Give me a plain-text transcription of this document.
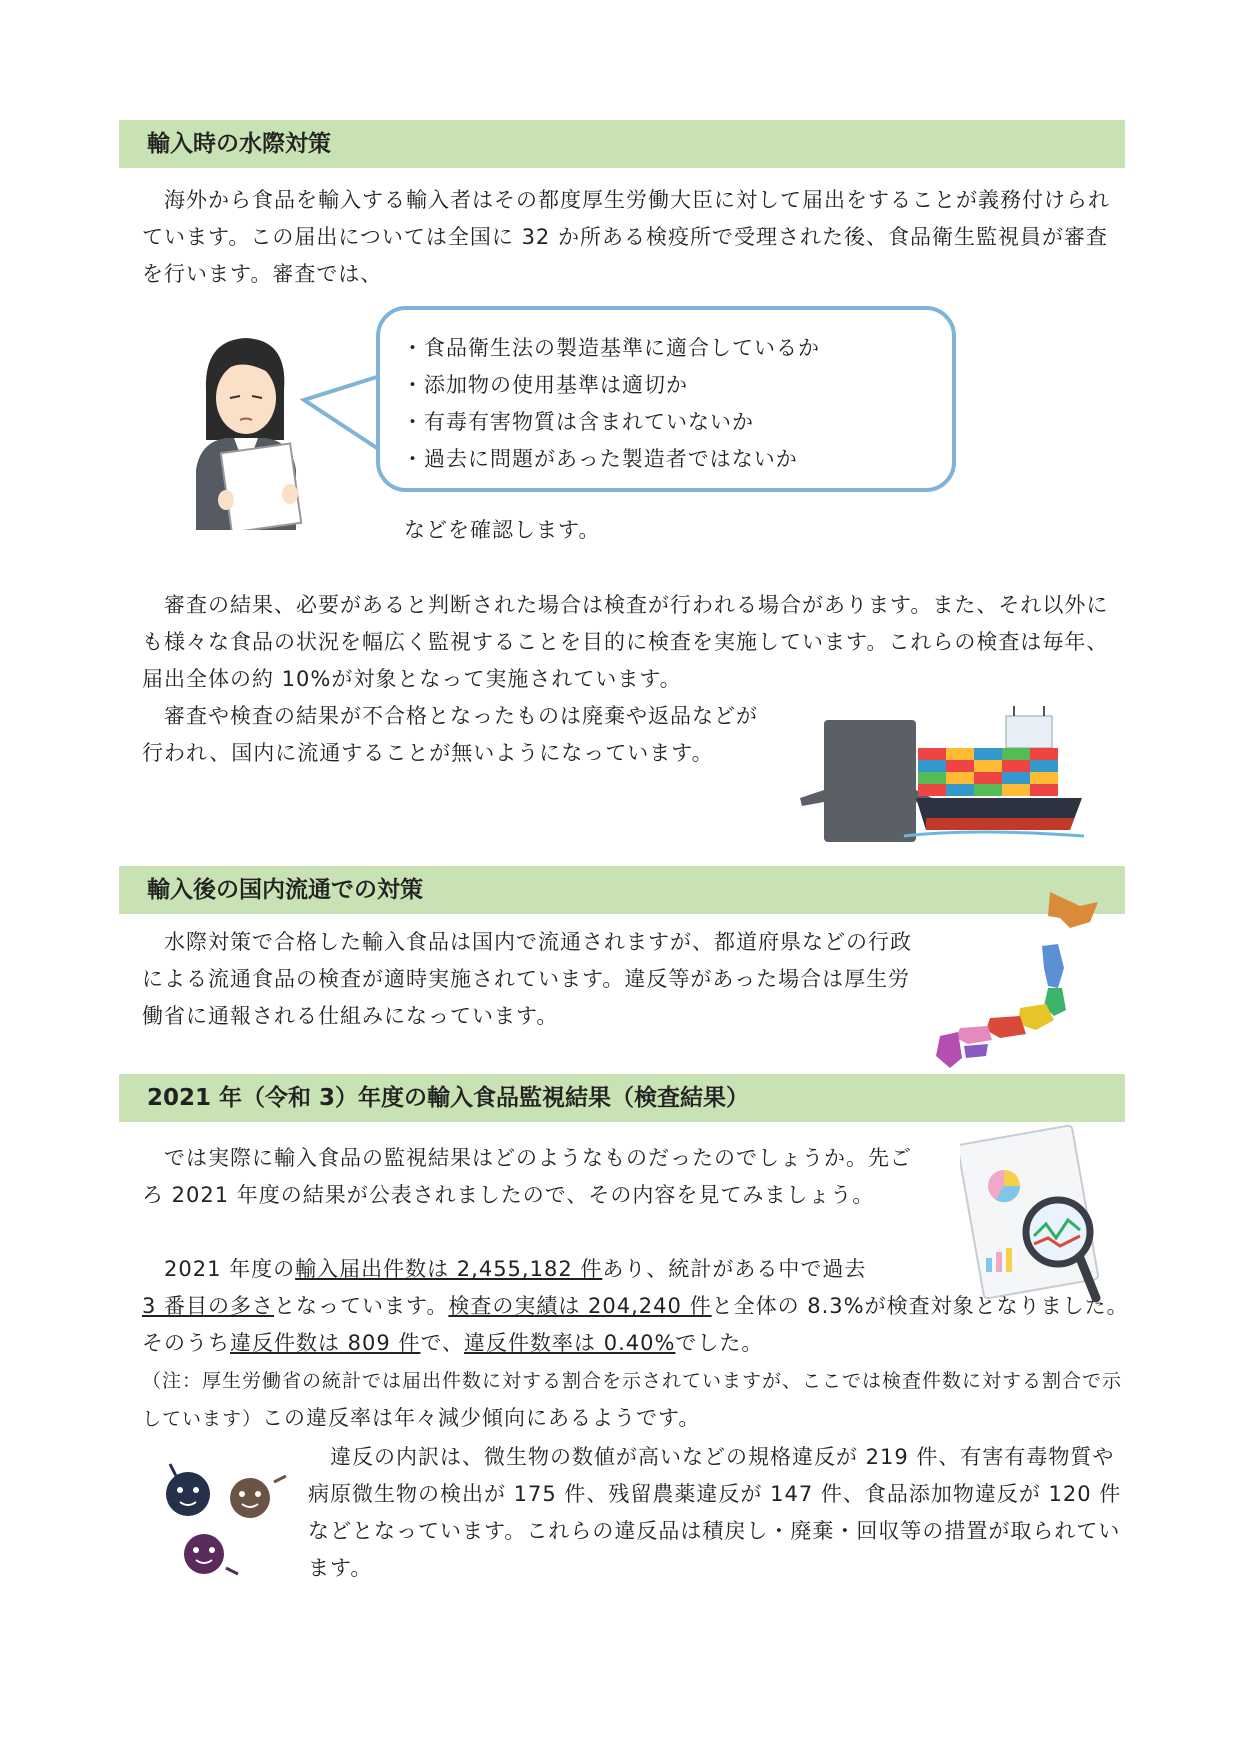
輸入時の水際対策

海外から食品を輸入する輸入者はその都度厚生労働大臣に対して届出をすることが義務付けられています。この届出については全国に 32 か所ある検疫所で受理された後、食品衛生監視員が審査を行います。審査では、

・ 食品衛生法の製造基準に適合しているか
・ 添加物の使用基準は適切か
・ 有毒有害物質は含まれていないか
・ 過去に問題があった製造者ではないか

などを確認します。

審査の結果、必要があると判断された場合は検査が行われる場合があります。また、それ以外にも様々な食品の状況を幅広く監視することを目的に検査を実施しています。これらの検査は毎年、届出全体の約 10%が対象となって実施されています。

審査や検査の結果が不合格となったものは廃棄や返品などが行われ、国内に流通することが無いようになっています。

輸入後の国内流通での対策

水際対策で合格した輸入食品は国内で流通されますが、都道府県などの行政による流通食品の検査が適時実施されています。違反等があった場合は厚生労働省に通報される仕組みになっています。

2021 年（令和 3）年度の輸入食品監視結果（検査結果）

では実際に輸入食品の監視結果はどのようなものだったのでしょうか。先ごろ 2021 年度の結果が公表されましたので、その内容を見てみましょう。

2021 年度の輸入届出件数は 2,455,182 件あり、統計がある中で過去
3 番目の多さとなっています。検査の実績は 204,240 件と全体の 8.3%が検査対象となりました。そのうち違反件数は 809 件で、違反件数率は 0.40%でした。
（注：厚生労働省の統計では届出件数に対する割合を示されていますが、ここでは検査件数に対する割合で示しています）この違反率は年々減少傾向にあるようです。

違反の内訳は、微生物の数値が高いなどの規格違反が 219 件、有害有毒物質や病原微生物の検出が 175 件、残留農薬違反が 147 件、食品添加物違反が 120 件などとなっています。これらの違反品は積戻し・廃棄・回収等の措置が取られています。
